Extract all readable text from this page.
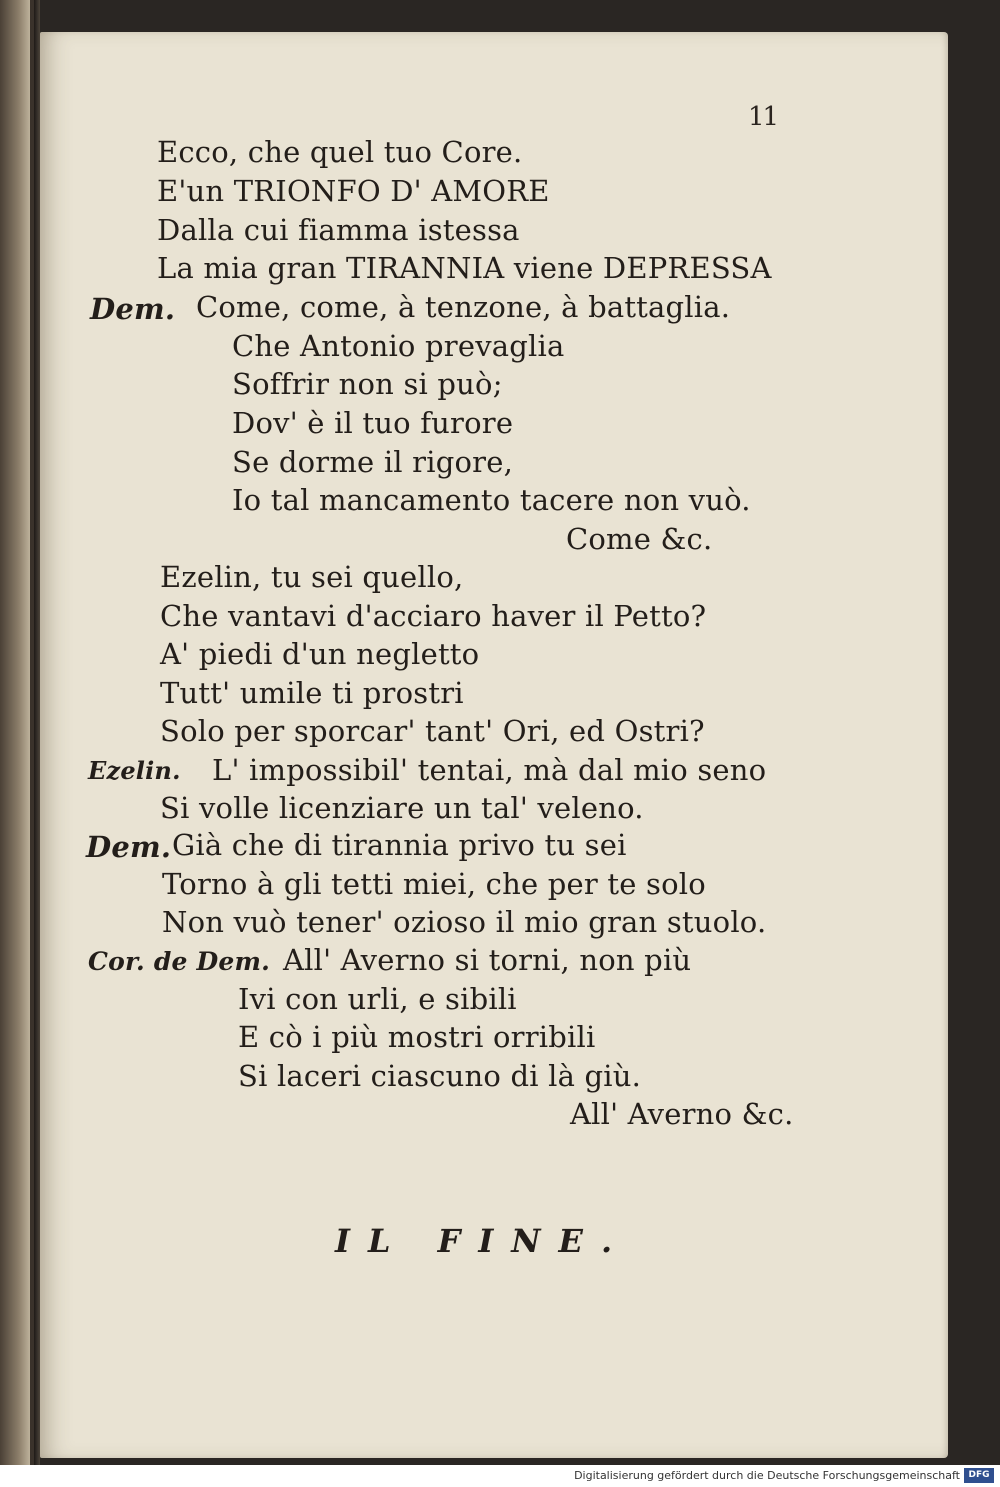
11
Ecco, che quel tuo Core.
E'un TRIONFO D' AMORE
Dalla cui fiamma istessa
La mia gran TIRANNIA viene DEPRESSA
Dem. Come, come, à tenzone, à battaglia.
Che Antonio prevaglia
Soffrir non si può;
Dov' è il tuo furore
Se dorme il rigore,
Io tal mancamento tacere non vuò.
Come &c.
Ezelin, tu sei quello,
Che vantavi d'acciaro haver il Petto?
A' piedi d'un negletto
Tutt' umile ti prostri
Solo per sporcar' tant' Ori, ed Ostri?
Ezelin. L' impossibil' tentai, mà dal mio seno
Si volle licenziare un tal' veleno.
Dem. Già che di tirannia privo tu sei
Torno à gli tetti miei, che per te solo
Non vuò tener' ozioso il mio gran stuolo.
Cor. de Dem. All' Averno si torni, non più
Ivi con urli, e sibili
E cò i più mostri orribili
Si laceri ciascuno di là giù.
All' Averno &c.
IL FINE.
Digitalisierung gefördert durch die Deutsche Forschungsgemeinschaft DFG
